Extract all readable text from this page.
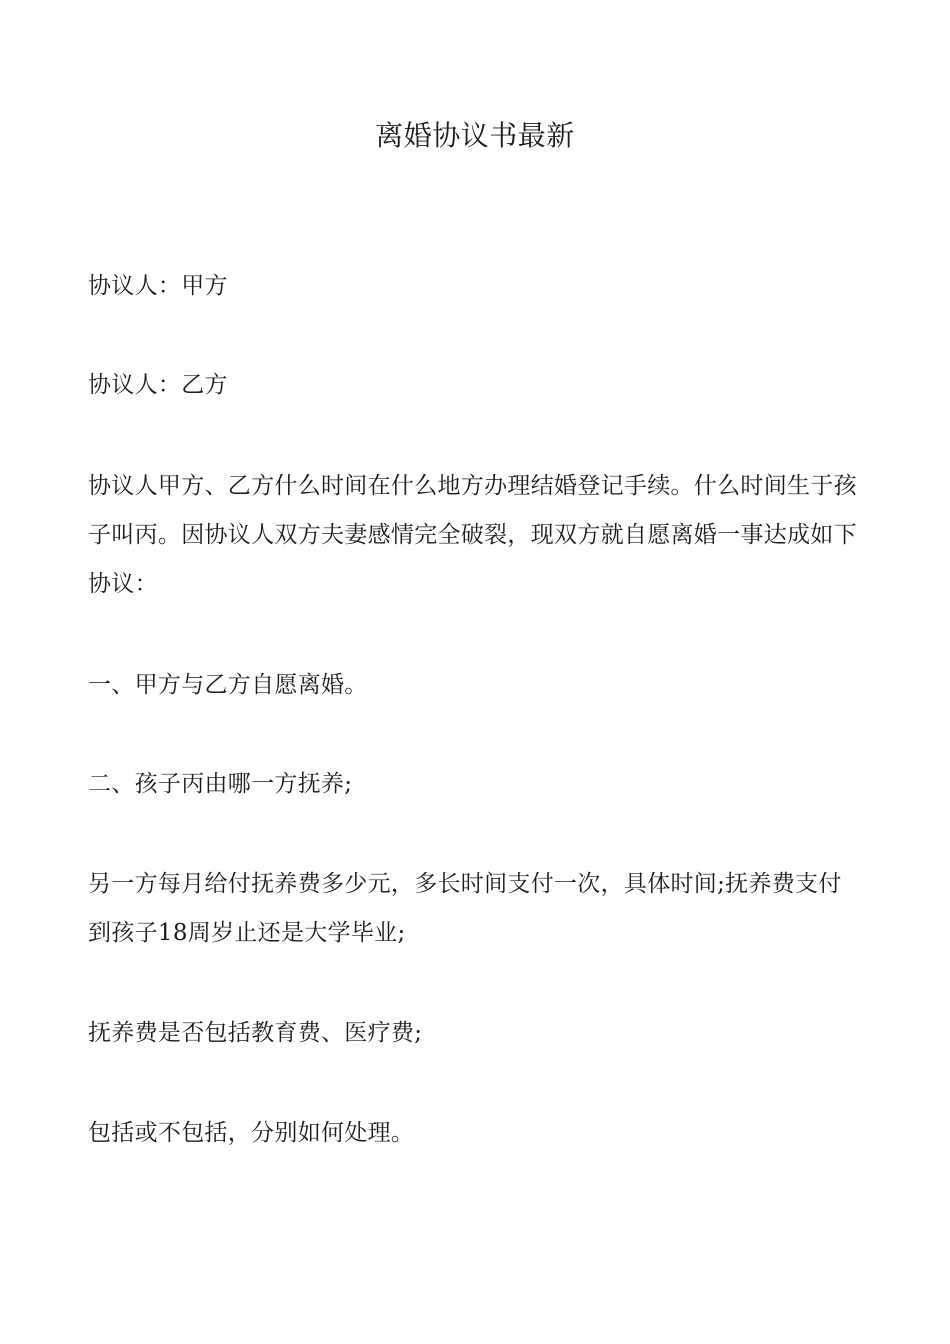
离婚协议书最新

协议人：甲方

协议人：乙方

协议人甲方、乙方什么时间在什么地方办理结婚登记手续。什么时间生于孩子叫丙。因协议人双方夫妻感情完全破裂，现双方就自愿离婚一事达成如下协议：

一、甲方与乙方自愿离婚。

二、孩子丙由哪一方抚养;

另一方每月给付抚养费多少元，多长时间支付一次，具体时间;抚养费支付到孩子18周岁止还是大学毕业;

抚养费是否包括教育费、医疗费;

包括或不包括，分别如何处理。
